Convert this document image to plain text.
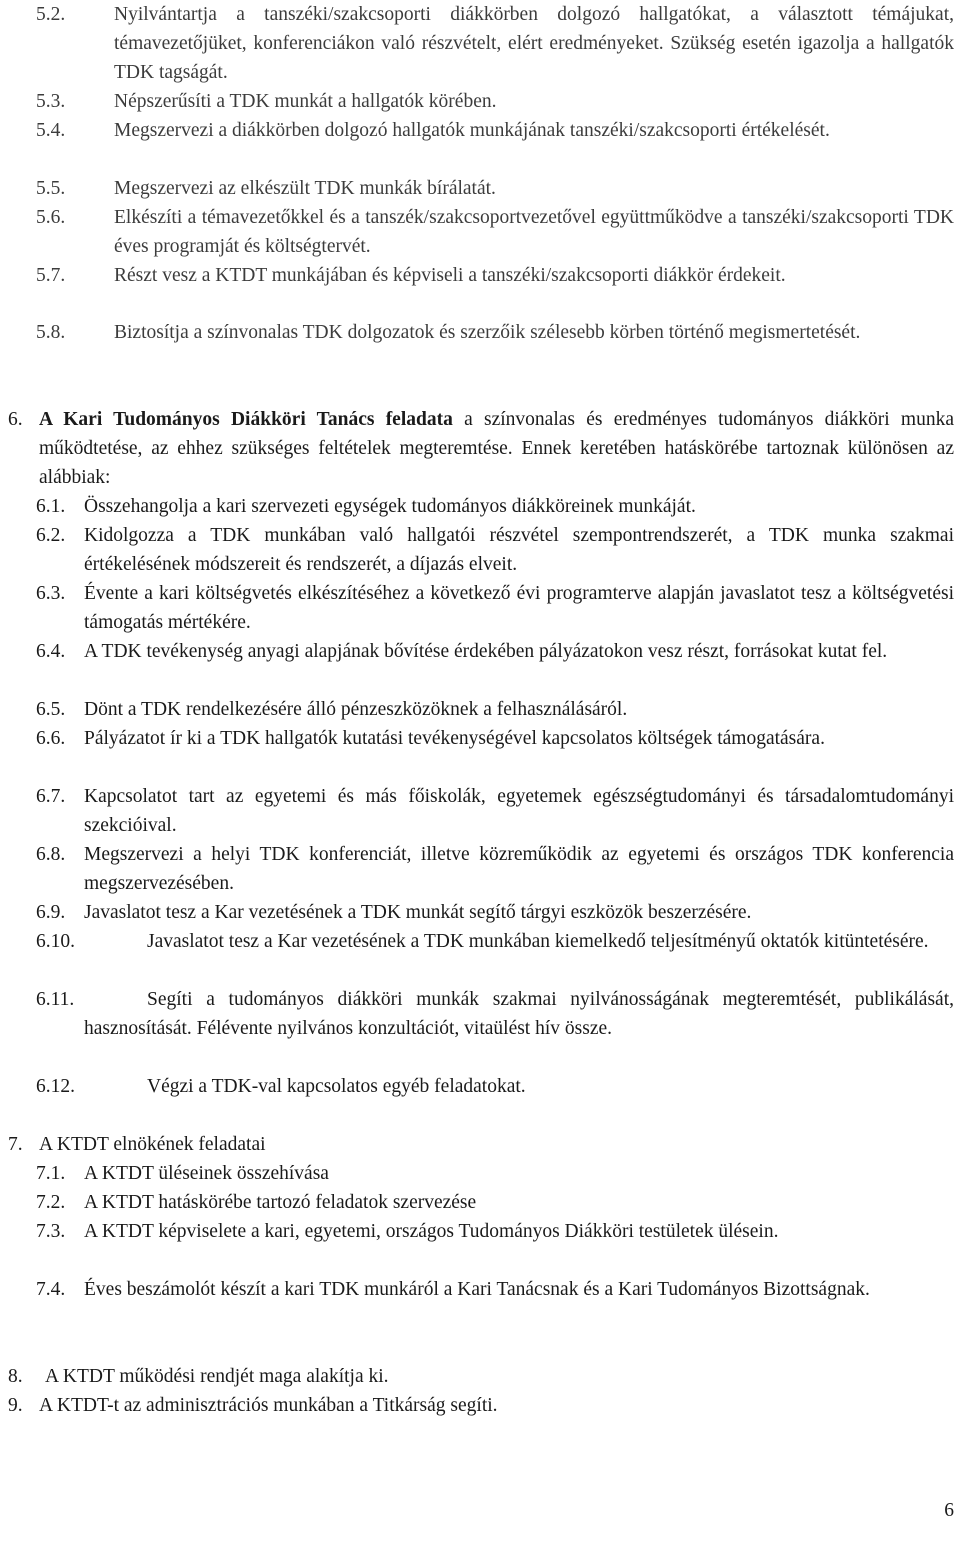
5.2.	Nyilvántartja a tanszéki/szakcsoporti diákkörben dolgozó hallgatókat, a választott témájukat, témavezetőjüket, konferenciákon való részvételt, elért eredményeket. Szükség esetén igazolja a hallgatók TDK tagságát.
5.3.	Népszerűsíti a TDK munkát a hallgatók körében.
5.4.	Megszervezi a diákkörben dolgozó hallgatók munkájának tanszéki/szakcsoporti értékelését.
5.5.	Megszervezi az elkészült TDK munkák bírálatát.
5.6.	Elkészíti a témavezetőkkel és a tanszék/szakcsoportvezetővel együttműködve a tanszéki/szakcsoporti TDK éves programját és költségtervét.
5.7.	Részt vesz a KTDT munkájában és képviseli a tanszéki/szakcsoporti diákkör érdekeit.
5.8.	Biztosítja a színvonalas TDK dolgozatok és szerzőik szélesebb körben történő megismertetését.
6. A Kari Tudományos Diákköri Tanács feladata a színvonalas és eredményes tudományos diákköri munka működtetése, az ehhez szükséges feltételek megteremtése. Ennek keretében hatáskörébe tartoznak különösen az alábbiak:
6.1. Összehangolja a kari szervezeti egységek tudományos diákköreinek munkáját.
6.2. Kidolgozza a TDK munkában való hallgatói részvétel szempontrendszerét, a TDK munka szakmai értékelésének módszereit és rendszerét, a díjazás elveit.
6.3. Évente a kari költségvetés elkészítéséhez a következő évi programterve alapján javaslatot tesz a költségvetési támogatás mértékére.
6.4. A TDK tevékenység anyagi alapjának bővítése érdekében pályázatokon vesz részt, forrásokat kutat fel.
6.5. Dönt a TDK rendelkezésére álló pénzeszközöknek a felhasználásáról.
6.6. Pályázatot ír ki a TDK hallgatók kutatási tevékenységével kapcsolatos költségek támogatására.
6.7. Kapcsolatot tart az egyetemi és más főiskolák, egyetemek egészségtudományi és társadalomtudományi szekcióival.
6.8. Megszervezi a helyi TDK konferenciát, illetve közreműködik az egyetemi és országos TDK konferencia megszervezésében.
6.9. Javaslatot tesz a Kar vezetésének a TDK munkát segítő tárgyi eszközök beszerzésére.
6.10.	Javaslatot tesz a Kar vezetésének a TDK munkában kiemelkedő teljesítményű oktatók kitüntetésére.
6.11.	Segíti a tudományos diákköri munkák szakmai nyilvánosságának megteremtését, publikálását, hasznosítását. Félévente nyilvános konzultációt, vitaülést hív össze.
6.12.	Végzi a TDK-val kapcsolatos egyéb feladatokat.
7. A KTDT elnökének feladatai
7.1. A KTDT üléseinek összehívása
7.2. A KTDT hatáskörébe tartozó feladatok szervezése
7.3. A KTDT képviselete a kari, egyetemi, országos Tudományos Diákköri testületek ülésein.
7.4. Éves beszámolót készít a kari TDK munkáról a Kari Tanácsnak és a Kari Tudományos Bizottságnak.
8.	A KTDT működési rendjét maga alakítja ki.
9. A KTDT-t az adminisztrációs munkában a Titkárság segíti.
6
